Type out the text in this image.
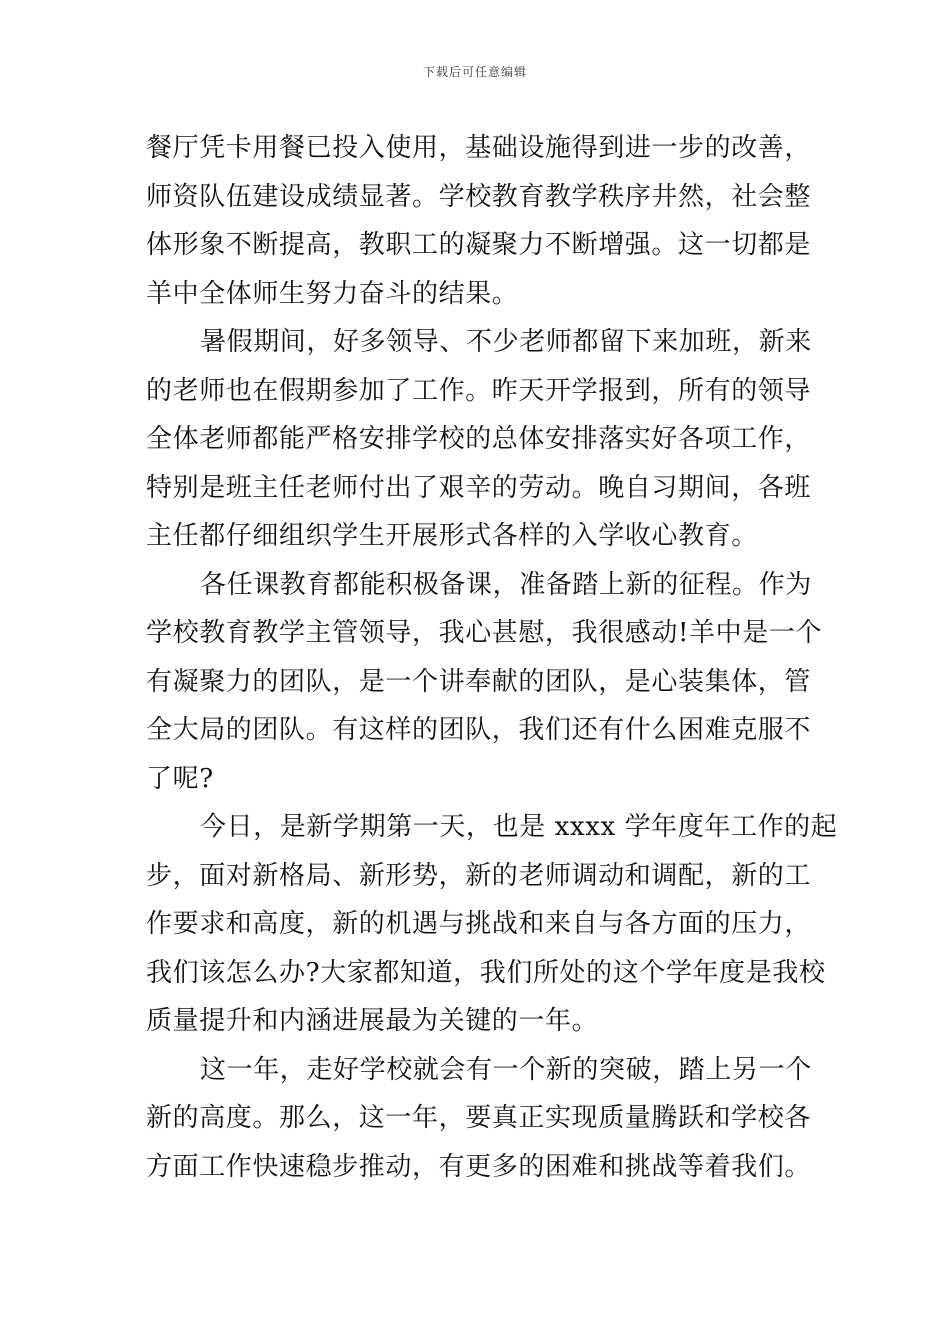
下载后可任意编辑
餐厅凭卡用餐已投入使用，基础设施得到进一步的改善，
师资队伍建设成绩显著。学校教育教学秩序井然，社会整
体形象不断提高，教职工的凝聚力不断增强。这一切都是
羊中全体师生努力奋斗的结果。
暑假期间，好多领导、不少老师都留下来加班，新来
的老师也在假期参加了工作。昨天开学报到，所有的领导
全体老师都能严格安排学校的总体安排落实好各项工作，
特别是班主任老师付出了艰辛的劳动。晚自习期间，各班
主任都仔细组织学生开展形式各样的入学收心教育。
各任课教育都能积极备课，准备踏上新的征程。作为
学校教育教学主管领导，我心甚慰，我很感动!羊中是一个
有凝聚力的团队，是一个讲奉献的团队，是心装集体，管
全大局的团队。有这样的团队，我们还有什么困难克服不
了呢?
今日，是新学期第一天，也是 xxxx 学年度年工作的起
步，面对新格局、新形势，新的老师调动和调配，新的工
作要求和高度，新的机遇与挑战和来自与各方面的压力，
我们该怎么办?大家都知道，我们所处的这个学年度是我校
质量提升和内涵进展最为关键的一年。
这一年，走好学校就会有一个新的突破，踏上另一个
新的高度。那么，这一年，要真正实现质量腾跃和学校各
方面工作快速稳步推动，有更多的困难和挑战等着我们。
